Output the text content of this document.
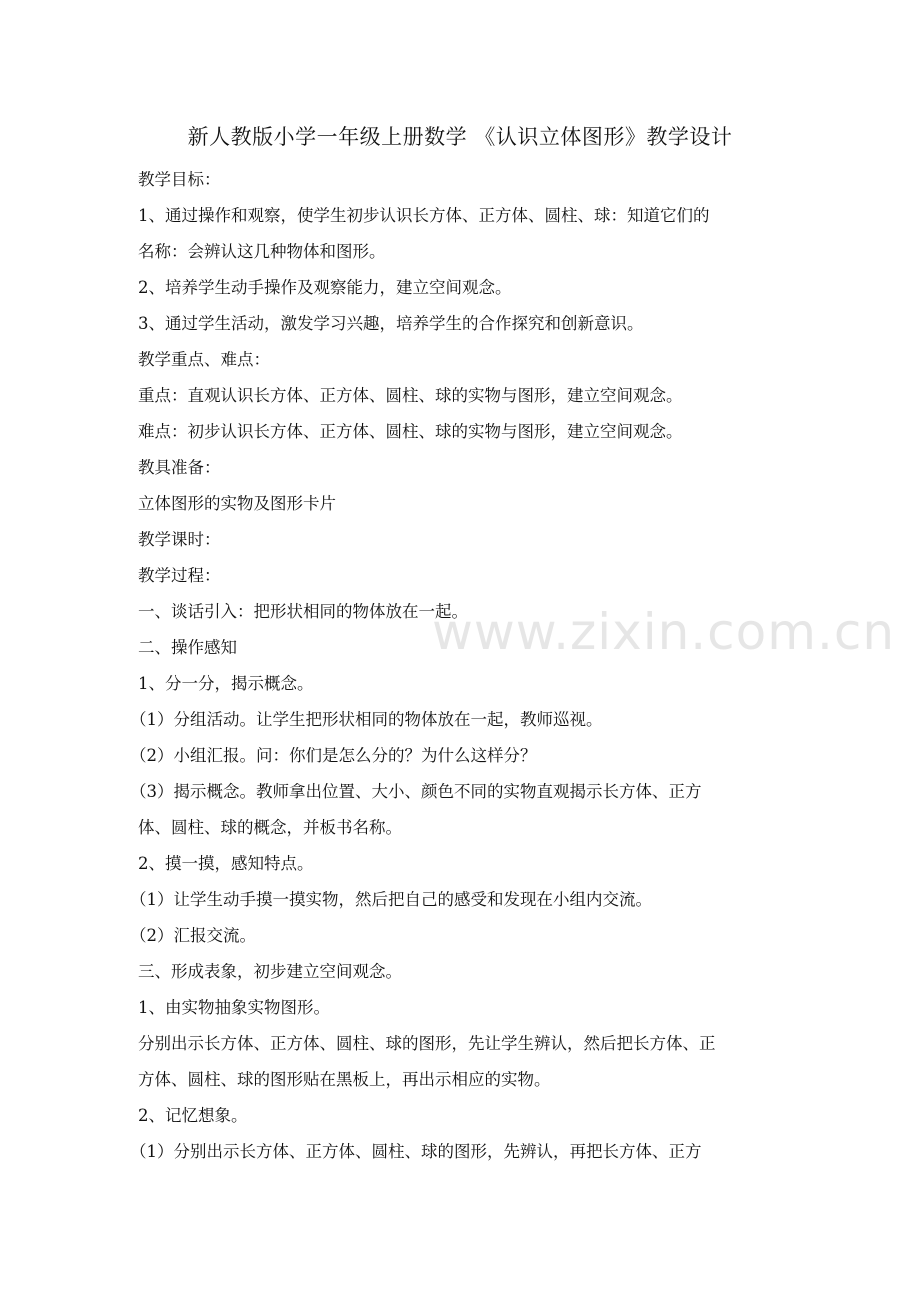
新人教版小学一年级上册数学 《认识立体图形》教学设计
www.zixin.com.cn
教学目标：
1、通过操作和观察，使学生初步认识长方体、正方体、圆柱、球：知道它们的
名称：会辨认这几种物体和图形。
2、培养学生动手操作及观察能力，建立空间观念。
3、通过学生活动，激发学习兴趣，培养学生的合作探究和创新意识。
教学重点、难点：
重点：直观认识长方体、正方体、圆柱、球的实物与图形，建立空间观念。
难点：初步认识长方体、正方体、圆柱、球的实物与图形，建立空间观念。
教具准备：
立体图形的实物及图形卡片
教学课时：
教学过程：
一、谈话引入：把形状相同的物体放在一起。
二、操作感知
1、分一分，揭示概念。
（1）分组活动。让学生把形状相同的物体放在一起，教师巡视。
（2）小组汇报。问：你们是怎么分的？为什么这样分？
（3）揭示概念。教师拿出位置、大小、颜色不同的实物直观揭示长方体、正方
体、圆柱、球的概念，并板书名称。
2、摸一摸，感知特点。
（1）让学生动手摸一摸实物，然后把自己的感受和发现在小组内交流。
（2）汇报交流。
三、形成表象，初步建立空间观念。
1、由实物抽象实物图形。
分别出示长方体、正方体、圆柱、球的图形，先让学生辨认，然后把长方体、正
方体、圆柱、球的图形贴在黑板上，再出示相应的实物。
2、记忆想象。
（1）分别出示长方体、正方体、圆柱、球的图形，先辨认，再把长方体、正方
